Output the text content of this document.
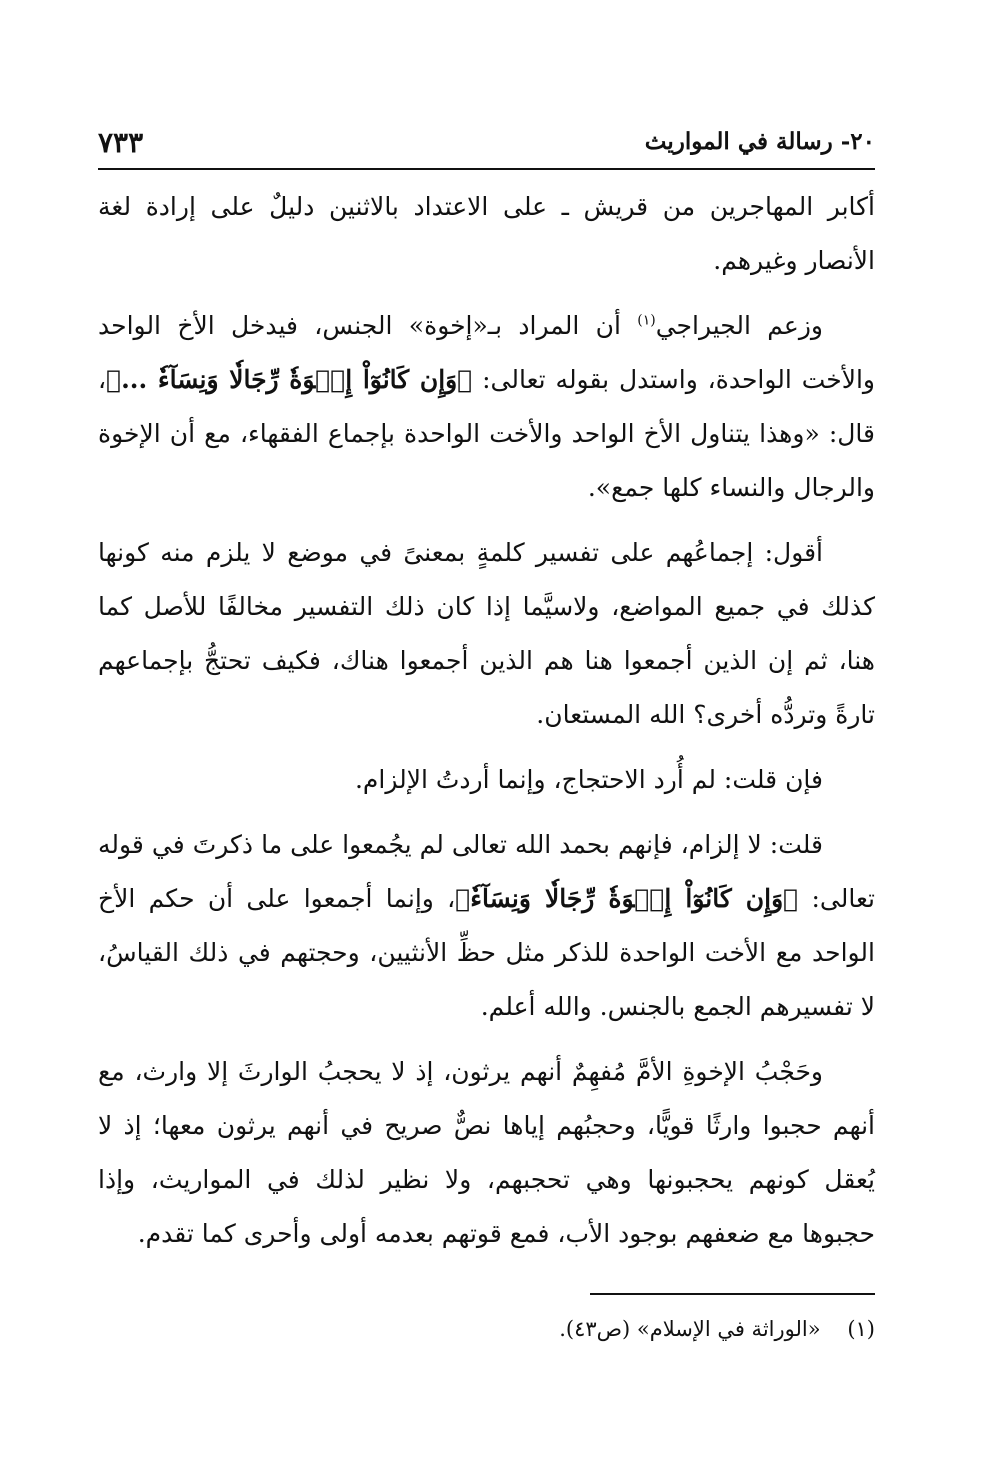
٢٠- رسالة في المواريث
٧٣٣

أكابر المهاجرين من قريش ـ على الاعتداد بالاثنين دليلٌ على إرادة لغة الأنصار وغيرهم.

وزعم الجيراجي$^{(١)}$ أن المراد بـ«إخوة» الجنس، فيدخل الأخ الواحد والأخت الواحدة، واستدل بقوله تعالى: ﴿وَإِن كَانُوٓاْ إِخۡوَةٗ رِّجَالٗا وَنِسَآءٗ ...﴾، قال: «وهذا يتناول الأخ الواحد والأخت الواحدة بإجماع الفقهاء، مع أن الإخوة والرجال والنساء كلها جمع».

أقول: إجماعُهم على تفسير كلمةٍ بمعنىً في موضع لا يلزم منه كونها كذلك في جميع المواضع، ولاسيَّما إذا كان ذلك التفسير مخالفًا للأصل كما هنا، ثم إن الذين أجمعوا هنا هم الذين أجمعوا هناك، فكيف تحتجُّ بإجماعهم تارةً وتردُّه أخرى؟ الله المستعان.

فإن قلت: لم أُرد الاحتجاج، وإنما أردتُ الإلزام.

قلت: لا إلزام، فإنهم بحمد الله تعالى لم يجُمعوا على ما ذكرتَ في قوله تعالى: ﴿وَإِن كَانُوٓاْ إِخۡوَةٗ رِّجَالٗا وَنِسَآءٗ﴾، وإنما أجمعوا على أن حكم الأخ الواحد مع الأخت الواحدة للذكر مثل حظِّ الأنثيين، وحجتهم في ذلك القياسُ، لا تفسيرهم الجمع بالجنس. والله أعلم.

وحَجْبُ الإخوةِ الأمَّ مُفهِمٌ أنهم يرثون، إذ لا يحجبُ الوارثَ إلا وارث، مع أنهم حجبوا وارثًا قويًّا، وحجبُهم إياها نصٌّ صريح في أنهم يرثون معها؛ إذ لا يُعقل كونهم يحجبونها وهي تحجبهم، ولا نظير لذلك في المواريث، وإذا حجبوها مع ضعفهم بوجود الأب، فمع قوتهم بعدمه أولى وأحرى كما تقدم.

(١)    «الوراثة في الإسلام» (ص٤٣).
